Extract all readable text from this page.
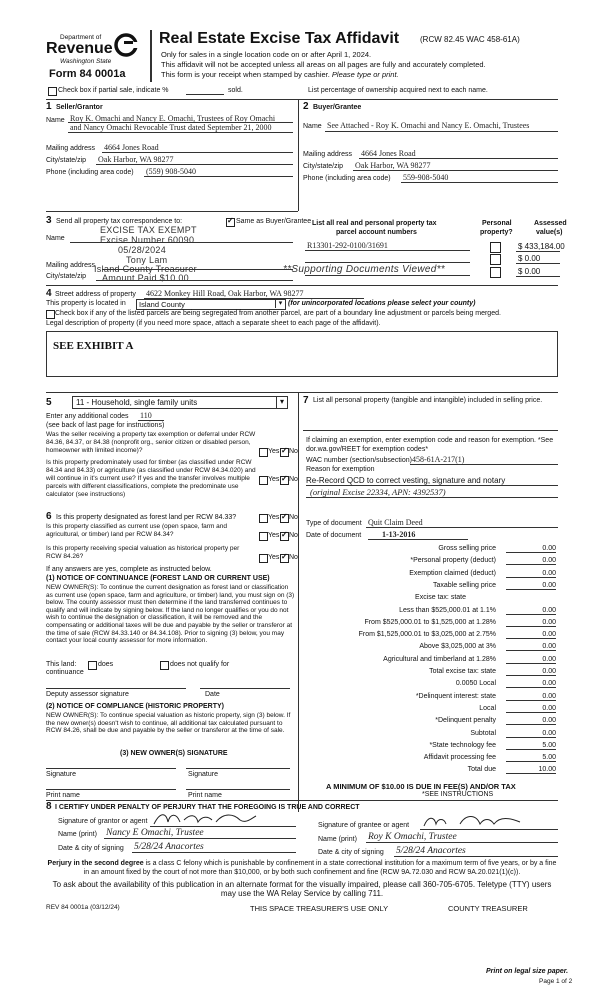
Department of
Revenue
Washington State
Form 84 0001a
Real Estate Excise Tax Affidavit	(RCW 82.45 WAC 458-61A)
Only for sales in a single location code on or after April 1, 2024.
This affidavit will not be accepted unless all areas on all pages are fully and accurately completed.
This form is your receipt when stamped by cashier. Please type or print.
Check box if partial sale, indicate %	sold.	List percentage of ownership acquired next to each name.
1 Seller/Grantor
Name Roy K. Omachi and Nancy E. Omachi, Trustees of Roy Omachi
and Nancy Omachi Revocable Trust dated September 21, 2000
Mailing address 4664 Jones Road
City/state/zip Oak Harbor, WA 98277
Phone (including area code) (559) 908-5040
2 Buyer/Grantee
Name See Attached - Roy K. Omachi and Nancy E. Omachi, Trustees
Mailing address 4664 Jones Road
City/state/zip Oak Harbor, WA 98277
Phone (including area code) 559-908-5040
3 Send all property tax correspondence to: ✓	Same as Buyer/Grantee
Name
Mailing address
City/state/zip
EXCISE TAX EXEMPT
Excise Number 60090
05/28/2024
Tony Lam
Island County Treasurer
Amount Paid $10.00
**Supporting Documents Viewed**
List all real and personal property tax
parcel account numbers
Personal
property?
Assessed
value(s)
R13301-292-0100/31691	$ 433,184.00
$ 0.00
$ 0.00
4 Street address of property 4622 Monkey Hill Road, Oak Harbor, WA 98277
This property is located in Island County	▾ (for unincorporated locations please select your county)
Check box if any of the listed parcels are being segregated from another parcel, are part of a boundary line adjustment or parcels being merged.
Legal description of property (if you need more space, attach a separate sheet to each page of the affidavit).
SEE EXHIBIT A
5	11 - Household, single family units	▾
Enter any additional codes 110
(see back of last page for instructions)
Was the seller receiving a property tax exemption or deferral under RCW 84.36, 84.37, or 84.38 (nonprofit org., senior citizen or disabled person, homeowner with limited income)?	Yes ✓ No
Is this property predominately used for timber (as classified under RCW 84.34 and 84.33) or agriculture (as classified under RCW 84.34.020) and will continue in it's current use? If yes and the transfer involves multiple parcels with different classifications, complete the predominate use calculator (see instructions)
Yes ✓ No
6 Is this property designated as forest land per RCW 84.33?	Yes ✓ No
Is this property classified as current use (open space, farm and agricultural, or timber) land per RCW 84.34?	Yes ✓ No
Is this property receiving special valuation as historical property per RCW 84.26?	Yes ✓ No
If any answers are yes, complete as instructed below.
(1) NOTICE OF CONTINUANCE (FOREST LAND OR CURRENT USE)
NEW OWNER(S): To continue the current designation as forest land or classification as current use (open space, farm and agriculture, or timber) land, you must sign on (3) below. The county assessor must then determine if the land transferred continues to qualify and will indicate by signing below. If the land no longer qualifies or you do not wish to continue the designation or classification, it will be removed and the compensating or additional taxes will be due and payable by the seller or transferor at the time of sale (RCW 84.33.140 or 84.34.108). Prior to signing (3) below, you may contact your local county assessor for more information.
This land:	does	does not qualify for
continuance
Deputy assessor signature	Date
(2) NOTICE OF COMPLIANCE (HISTORIC PROPERTY)
NEW OWNER(S): To continue special valuation as historic property, sign (3) below. If the new owner(s) doesn't wish to continue, all additional tax calculated pursuant to RCW 84.26, shall be due and payable by the seller or transferor at the time of sale.
(3) NEW OWNER(S) SIGNATURE
Signature	Signature
Print name	Print name
7 List all personal property (tangible and intangible) included in selling price.
If claiming an exemption, enter exemption code and reason for exemption. *See dor.wa.gov/REET for exemption codes*
WAC number (section/subsection) 458-61A-217(1)
Reason for exemption
Re-Record QCD to correct vesting, signature and notary
(original Excise 22334, APN: 4392537)
Type of document Quit Claim Deed
Date of document	1-13-2016
Gross selling price	0.00
*Personal property (deduct)	0.00
Exemption claimed (deduct)	0.00
Taxable selling price	0.00
Excise tax: state
Less than $525,000.01 at 1.1%	0.00
From $525,000.01 to $1,525,000 at 1.28%	0.00
From $1,525,000.01 to $3,025,000 at 2.75%	0.00
Above $3,025,000 at 3%	0.00
Agricultural and timberland at 1.28%	0.00
Total excise tax: state	0.00
0.0050 Local	0.00
*Delinquent interest: state	0.00
Local	0.00
*Delinquent penalty	0.00
Subtotal	0.00
*State technology fee	5.00
Affidavit processing fee	5.00
Total due	10.00
A MINIMUM OF $10.00 IS DUE IN FEE(S) AND/OR TAX
*SEE INSTRUCTIONS
8 I CERTIFY UNDER PENALTY OF PERJURY THAT THE FOREGOING IS TRUE AND CORRECT
Signature of grantor or agent
Name (print) Nancy E Omachi, Trustee
Date & city of signing 5/28/24 Anacortes
Signature of grantee or agent
Name (print) Roy K Omachi, Trustee
Date & city of signing 5/28/24 Anacortes
Perjury in the second degree is a class C felony which is punishable by confinement in a state correctional institution for a maximum term of five years, or by a fine in an amount fixed by the court of not more than $10,000, or by both such confinement and fine (RCW 9A.72.030 and RCW 9A.20.021(1)(c)).
To ask about the availability of this publication in an alternate format for the visually impaired, please call 360-705-6705. Teletype (TTY) users may use the WA Relay Service by calling 711.
REV 84 0001a (03/12/24)	THIS SPACE TREASURER'S USE ONLY	COUNTY TREASURER
Print on legal size paper.
Page 1 of 2
